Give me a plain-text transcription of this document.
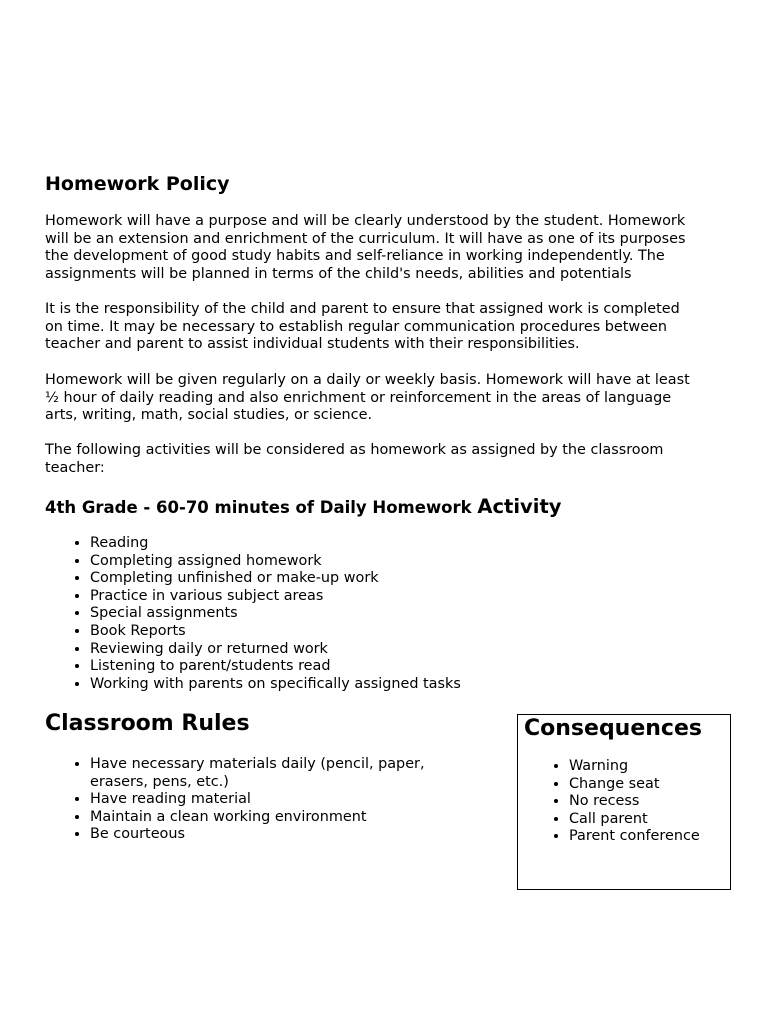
Homework Policy

Homework will have a purpose and will be clearly understood by the student. Homework
will be an extension and enrichment of the curriculum. It will have as one of its purposes
the development of good study habits and self-reliance in working independently. The
assignments will be planned in terms of the child's needs, abilities and potentials

It is the responsibility of the child and parent to ensure that assigned work is completed
on time. It may be necessary to establish regular communication procedures between
teacher and parent to assist individual students with their responsibilities.

Homework will be given regularly on a daily or weekly basis. Homework will have at least
½ hour of daily reading and also enrichment or reinforcement in the areas of language
arts, writing, math, social studies, or science.

The following activities will be considered as homework as assigned by the classroom
teacher:

4th Grade - 60-70 minutes of Daily Homework Activity
• Reading
• Completing assigned homework
• Completing unfinished or make-up work
• Practice in various subject areas
• Special assignments
• Book Reports
• Reviewing daily or returned work
• Listening to parent/students read
• Working with parents on specifically assigned tasks
Classroom Rules
• Have necessary materials daily (pencil, paper, erasers, pens, etc.)
• Have reading material
• Maintain a clean working environment
• Be courteous
Consequences
• Warning
• Change seat
• No recess
• Call parent
• Parent conference
